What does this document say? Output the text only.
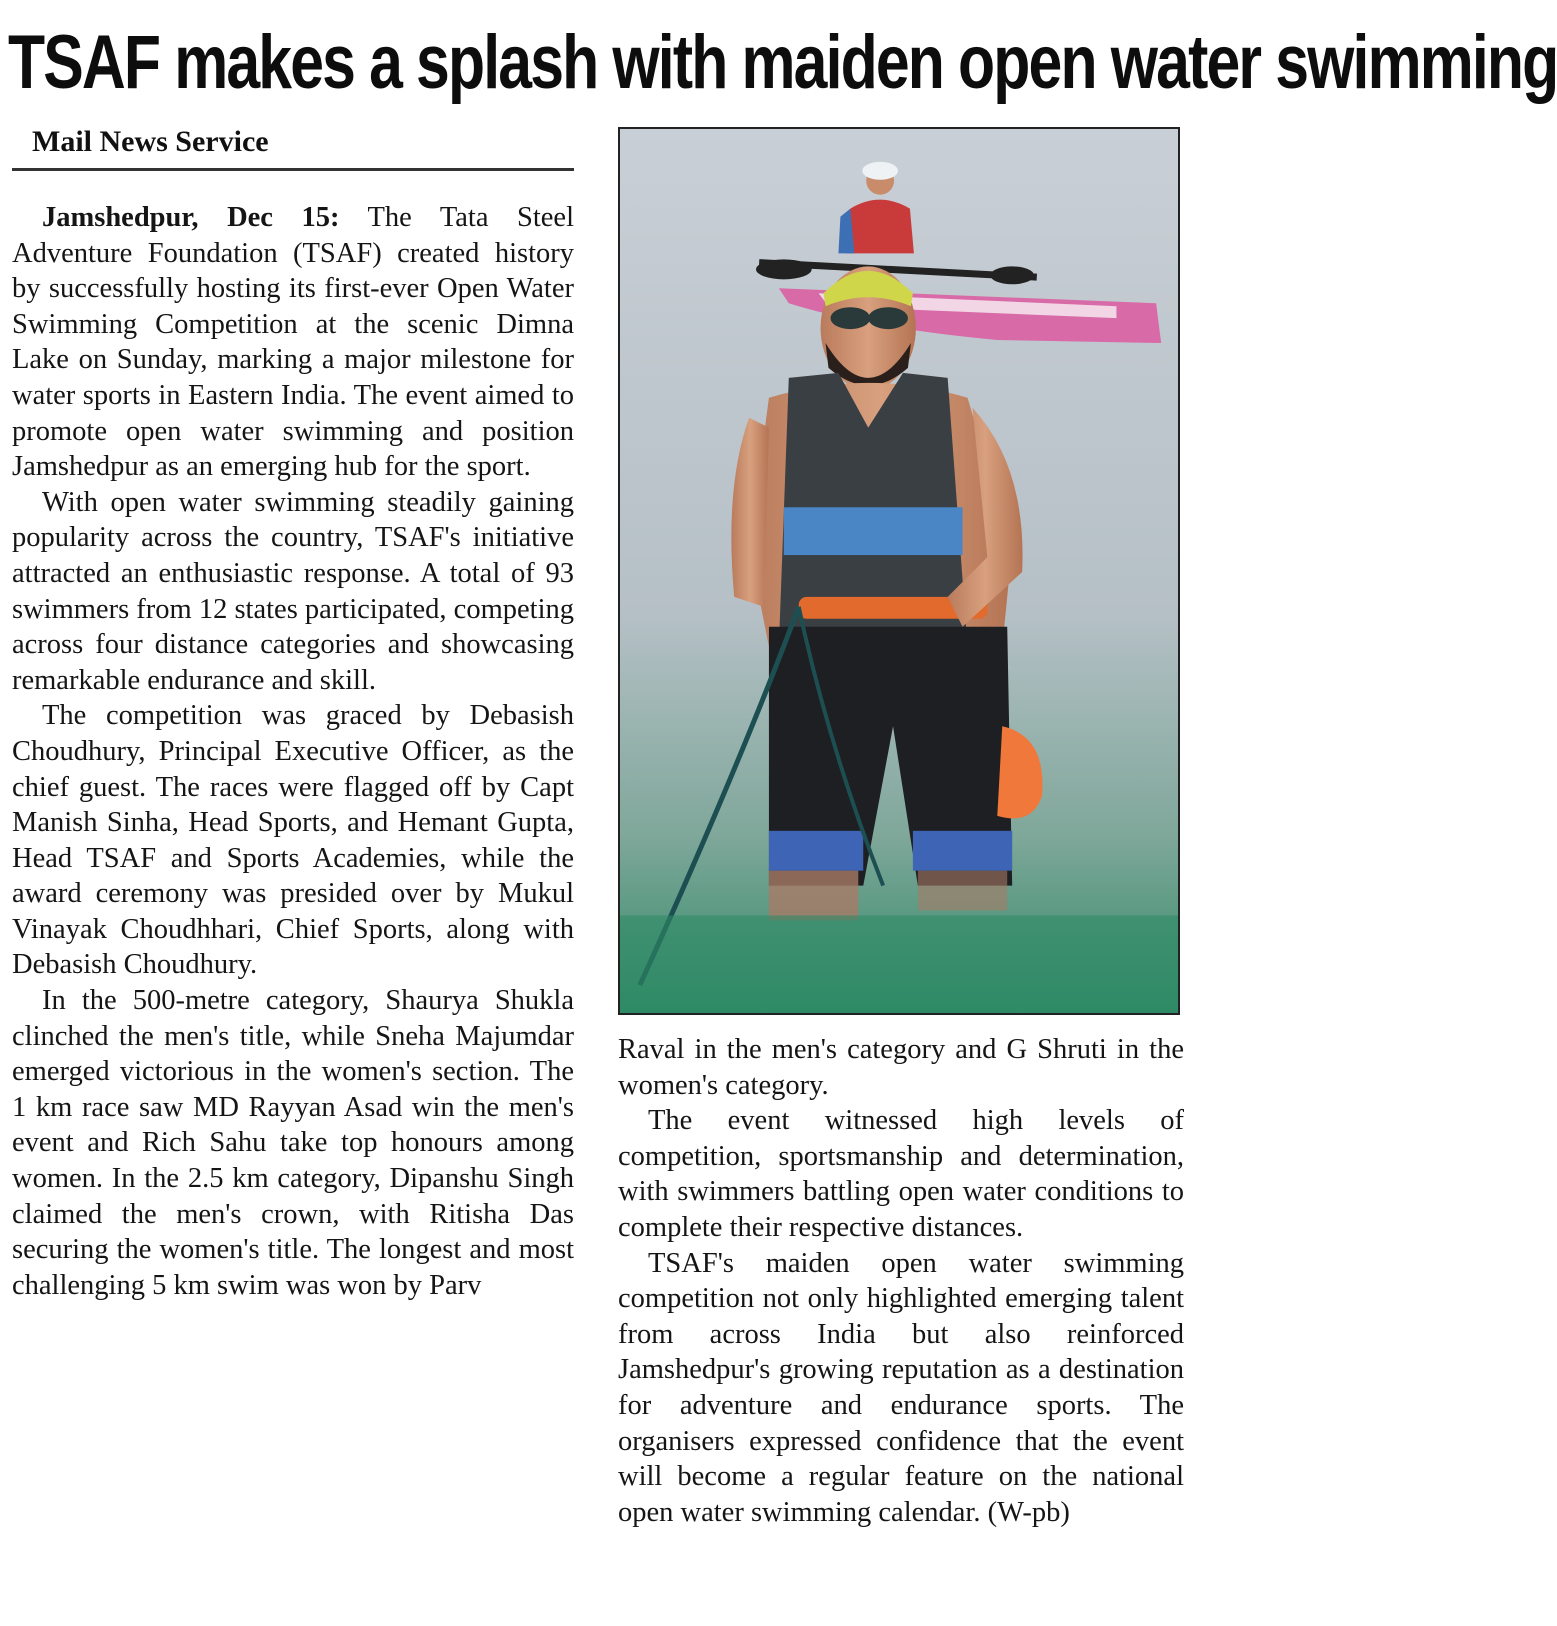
TSAF makes a splash with maiden open water swimming
Mail News Service

Jamshedpur, Dec 15: The Tata Steel Adventure Foundation (TSAF) created history by successfully hosting its first-ever Open Water Swimming Competition at the scenic Dimna Lake on Sunday, marking a major milestone for water sports in Eastern India. The event aimed to promote open water swimming and position Jamshedpur as an emerging hub for the sport.

With open water swimming steadily gaining popularity across the country, TSAF's initiative attracted an enthusiastic response. A total of 93 swimmers from 12 states participated, competing across four distance categories and showcasing remarkable endurance and skill.

The competition was graced by Debasish Choudhury, Principal Executive Officer, as the chief guest. The races were flagged off by Capt Manish Sinha, Head Sports, and Hemant Gupta, Head TSAF and Sports Academies, while the award ceremony was presided over by Mukul Vinayak Choudhhari, Chief Sports, along with Debasish Choudhury.

In the 500-metre category, Shaurya Shukla clinched the men's title, while Sneha Majumdar emerged victorious in the women's section. The 1 km race saw MD Rayyan Asad win the men's event and Rich Sahu take top honours among women. In the 2.5 km category, Dipanshu Singh claimed the men's crown, with Ritisha Das securing the women's title. The longest and most challenging 5 km swim was won by Parv

Raval in the men's category and G Shruti in the women's category.

The event witnessed high levels of competition, sportsmanship and determination, with swimmers battling open water conditions to complete their respective distances.

TSAF's maiden open water swimming competition not only highlighted emerging talent from across India but also reinforced Jamshedpur's growing reputation as a destination for adventure and endurance sports. The organisers expressed confidence that the event will become a regular feature on the national open water swimming calendar. (W-pb)
